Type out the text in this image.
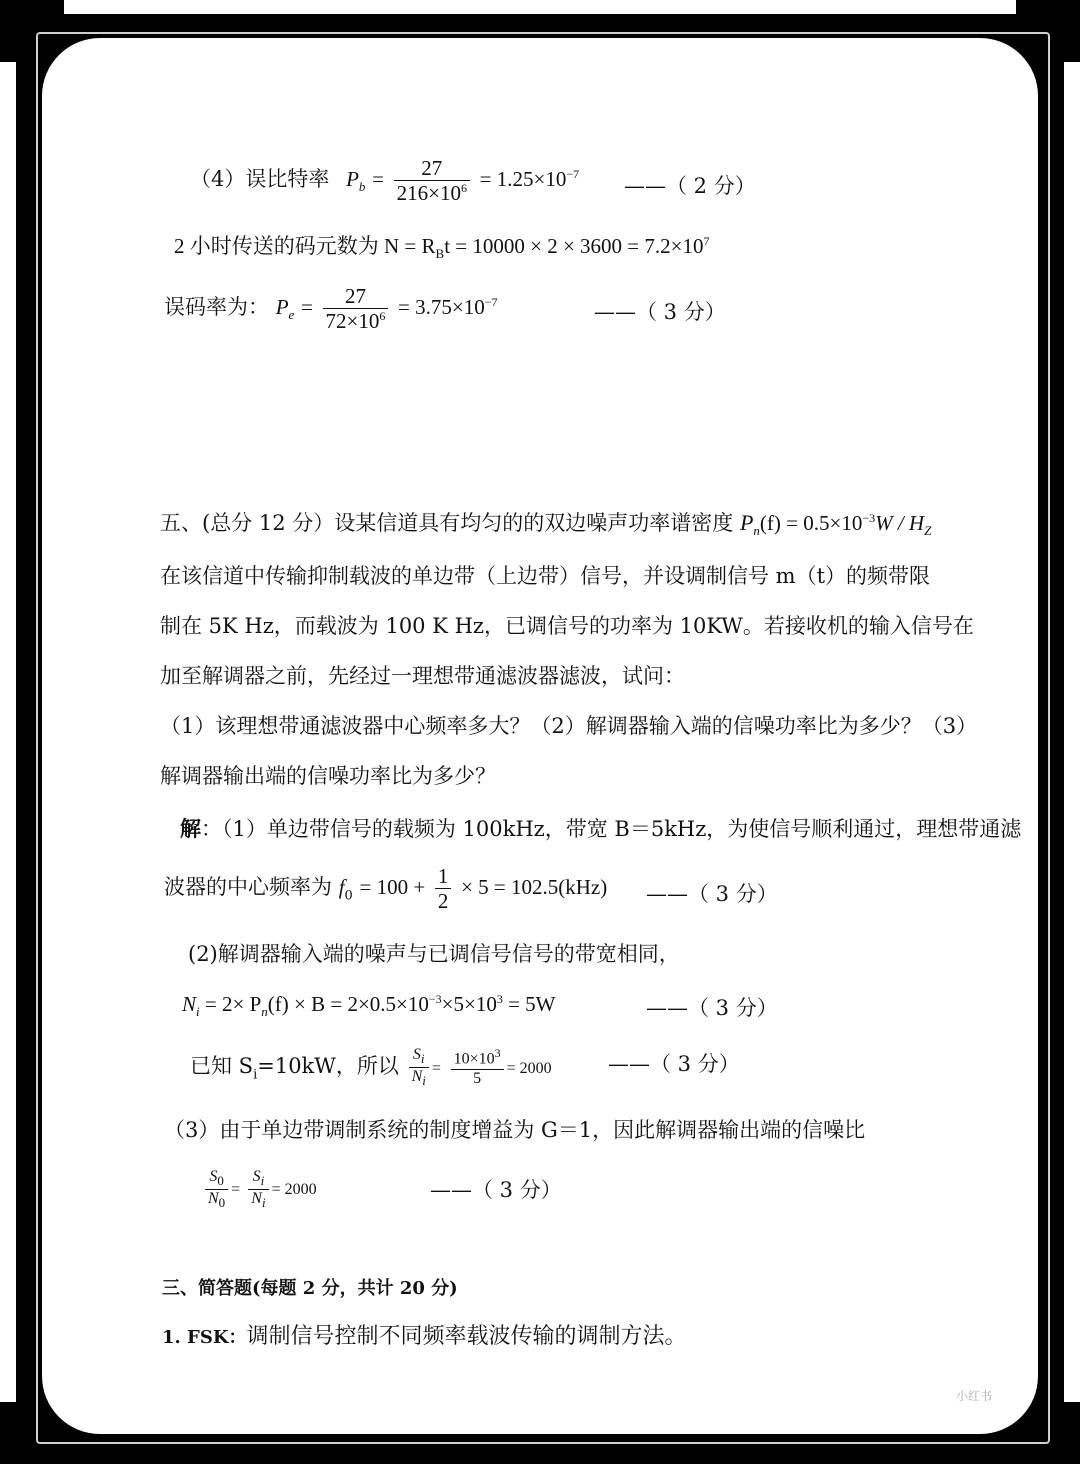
（4）误比特率 $P_b = \frac{27}{216\times 10^6} = 1.25\times 10^{-7}$ ——（ 2 分）
2 小时传送的码元数为 $N = R_Bt = 10000 \times 2 \times 3600 = 7.2\times 10^7$
误码率为： $P_e = \frac{27}{72\times 10^6} = 3.75\times 10^{-7}$	——（ 3 分）
五、(总分 12 分）设某信道具有均匀的的双边噪声功率谱密度 $P_n(f) = 0.5\times 10^{-3}W / H_Z$
在该信道中传输抑制载波的单边带（上边带）信号，并设调制信号 m（t）的频带限
制在 5K Hz，而载波为 100 K Hz，已调信号的功率为 10KW。若接收机的输入信号在
加至解调器之前，先经过一理想带通滤波器滤波，试问：
（1）该理想带通滤波器中心频率多大？（2）解调器输入端的信噪功率比为多少？（3）
解调器输出端的信噪功率比为多少？
解：（1）单边带信号的载频为 100kHz，带宽 B＝5kHz，为使信号顺利通过，理想带通滤
波器的中心频率为 $f_0 = 100 + \frac{1}{2} \times 5 = 102.5(kHz)$ ——（ 3 分）
(2)解调器输入端的噪声与已调信号信号的带宽相同，
$N_i = 2\times P_n(f) \times B = 2\times 0.5\times 10^{-3}\times 5\times 10^3 = 5W$	——（ 3 分）
已知 $S_i=10kW$，所以 $\frac{S_i}{N_i} = \frac{10\times 10^3}{5} = 2000$	——（ 3 分）
（3）由于单边带调制系统的制度增益为 G＝1，因此解调器输出端的信噪比
$\frac{S_0}{N_0} = \frac{S_i}{N_i} = 2000$	——（ 3 分）
三、简答题(每题 2 分，共计 20 分)
1. FSK：调制信号控制不同频率载波传输的调制方法。
小红书
